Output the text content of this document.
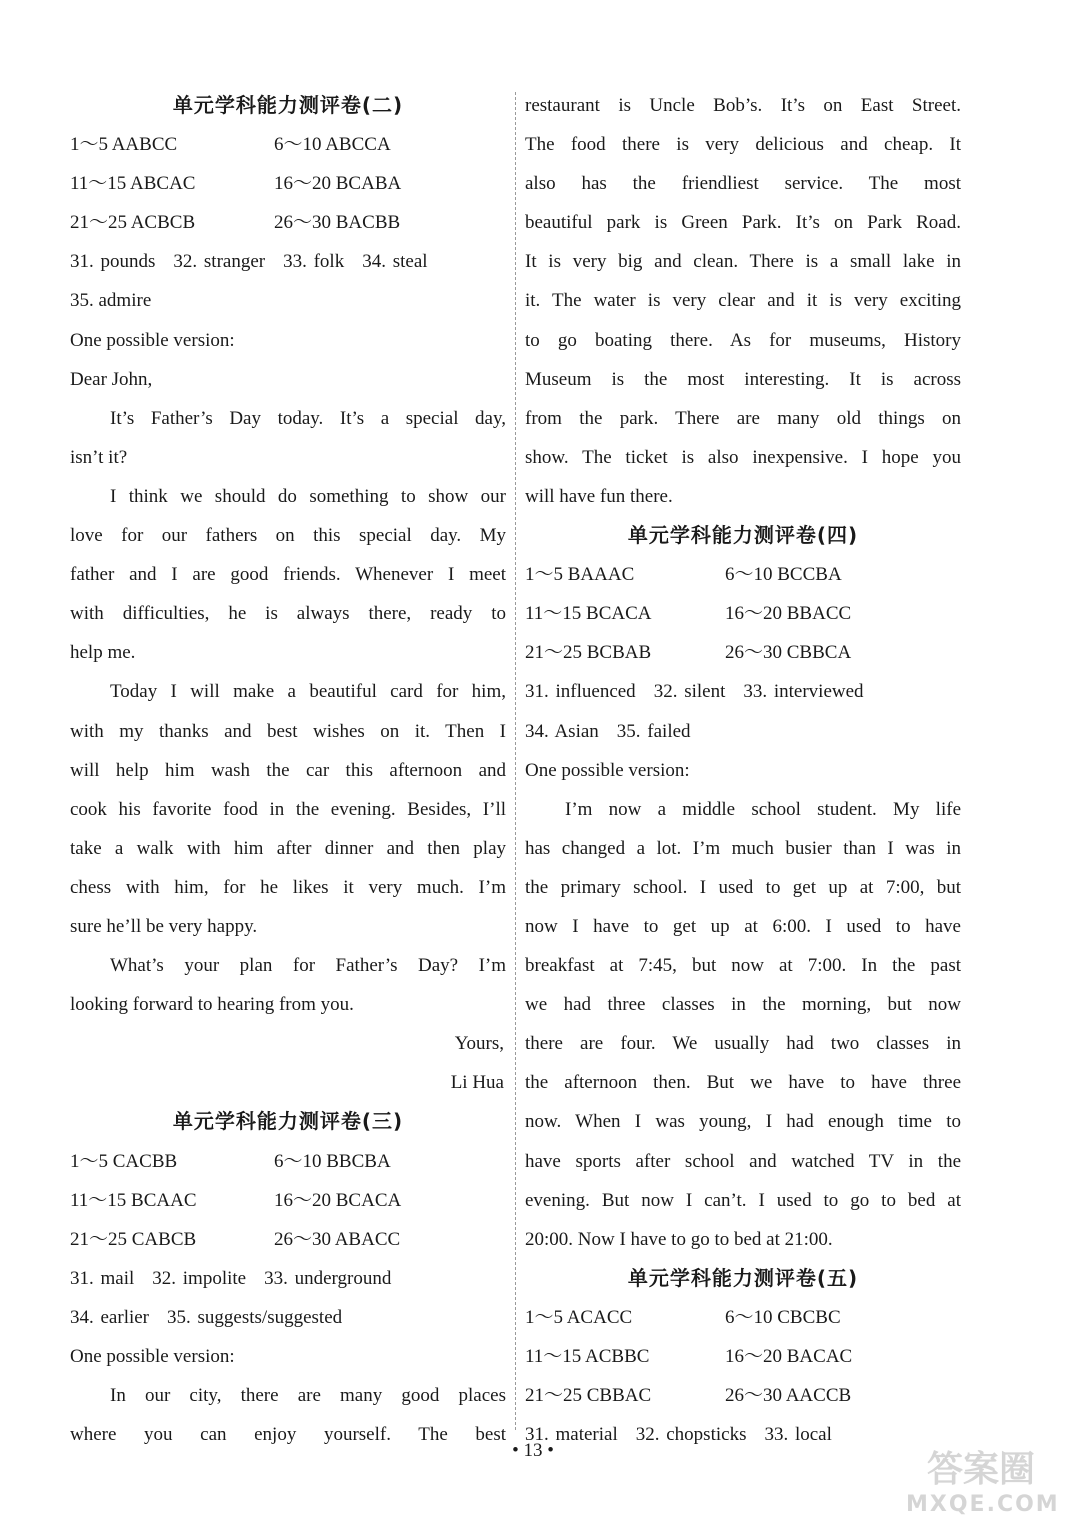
单元学科能力测评卷(二)
1～5 AABCC	6～10 ABCCA
11～15 ABCAC	16～20 BCABA
21～25 ACBCB	26～30 BACBB
31. pounds 32. stranger 33. folk 34. steal
35. admire
One possible version:
Dear John,
It’s Father’s Day today. It’s a special day,
isn’t it?
I think we should do something to show our
love for our fathers on this special day. My
father and I are good friends. Whenever I meet
with difficulties, he is always there, ready to
help me.
Today I will make a beautiful card for him,
with my thanks and best wishes on it. Then I
will help him wash the car this afternoon and
cook his favorite food in the evening. Besides, I’ll
take a walk with him after dinner and then play
chess with him, for he likes it very much. I’m
sure he’ll be very happy.
What’s your plan for Father’s Day? I’m
looking forward to hearing from you.
Yours,
Li Hua
单元学科能力测评卷(三)
1～5 CACBB	6～10 BBCBA
11～15 BCAAC	16～20 BCACA
21～25 CABCB	26～30 ABACC
31. mail 32. impolite 33. underground
34. earlier 35. suggests/suggested
One possible version:
In our city, there are many good places
where you can enjoy yourself. The best
restaurant is Uncle Bob’s. It’s on East Street.
The food there is very delicious and cheap. It
also has the friendliest service. The most
beautiful park is Green Park. It’s on Park Road.
It is very big and clean. There is a small lake in
it. The water is very clear and it is very exciting
to go boating there. As for museums, History
Museum is the most interesting. It is across
from the park. There are many old things on
show. The ticket is also inexpensive. I hope you
will have fun there.
单元学科能力测评卷(四)
1～5 BAAAC	6～10 BCCBA
11～15 BCACA	16～20 BBACC
21～25 BCBAB	26～30 CBBCA
31. influenced 32. silent 33. interviewed
34. Asian 35. failed
One possible version:
I’m now a middle school student. My life
has changed a lot. I’m much busier than I was in
the primary school. I used to get up at 7:00, but
now I have to get up at 6:00. I used to have
breakfast at 7:45, but now at 7:00. In the past
we had three classes in the morning, but now
there are four. We usually had two classes in
the afternoon then. But we have to have three
now. When I was young, I had enough time to
have sports after school and watched TV in the
evening. But now I can’t. I used to go to bed at
20:00. Now I have to go to bed at 21:00.
单元学科能力测评卷(五)
1～5 ACACC	6～10 CBCBC
11～15 ACBBC	16～20 BACAC
21～25 CBBAC	26～30 AACCB
31. material 32. chopsticks 33. local
• 13 •	答案圈
MXQE.COM
